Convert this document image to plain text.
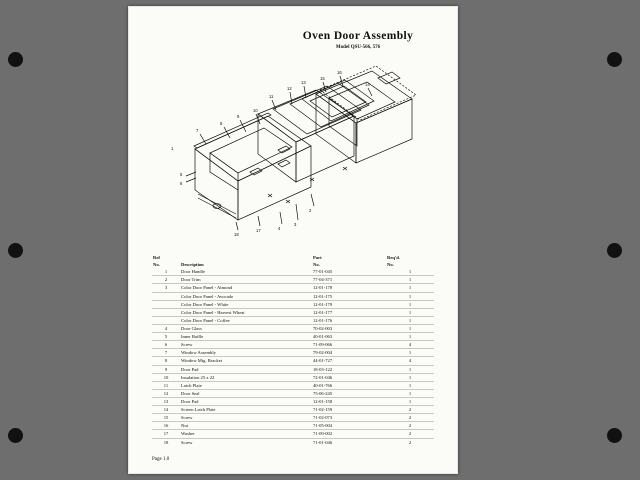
Oven Door Assembly
Model QSU-566, 576
5
6
7
8
9
10
11
12
13
15
16
14
18
17	4
3
2
1
Ref		Part	Req'd.
No.	Description	No.	No.
1	Door Handle	77-01-045	1
2	Door Trim	77-04-371	1
3	Color Door Panel - Almond	12-01-178	1
	Color Door Panel - Avocado	12-01-175	1
	Color Door Panel - White	12-01-179	1
	Color Door Panel - Harvest Wheat	12-01-177	1
	Color Door Panel - Coffee	12-01-176	1
4	Door Glass	70-02-003	1
5	Inner Baffle	40-01-063	1
6	Screw	71-09-066	4
7	Window Assembly	79-02-004	1
8	Window Mtg. Bracket	44-01-727	4
9	Door Pad	18-03-122	1
10	Insulation 25 x 22	72-01-046	1
11	Latch Plate	40-01-766	1
12	Door Seal	75-06-245	1
13	Door Pad	12-01-158	1
14	Screen Latch Plate	71-02-159	2
15	Screw	71-02-073	2
16	Nut	71-05-004	2
17	Washer	71-09-002	2
18	Screw	71-01-046	2
Page 1.0
